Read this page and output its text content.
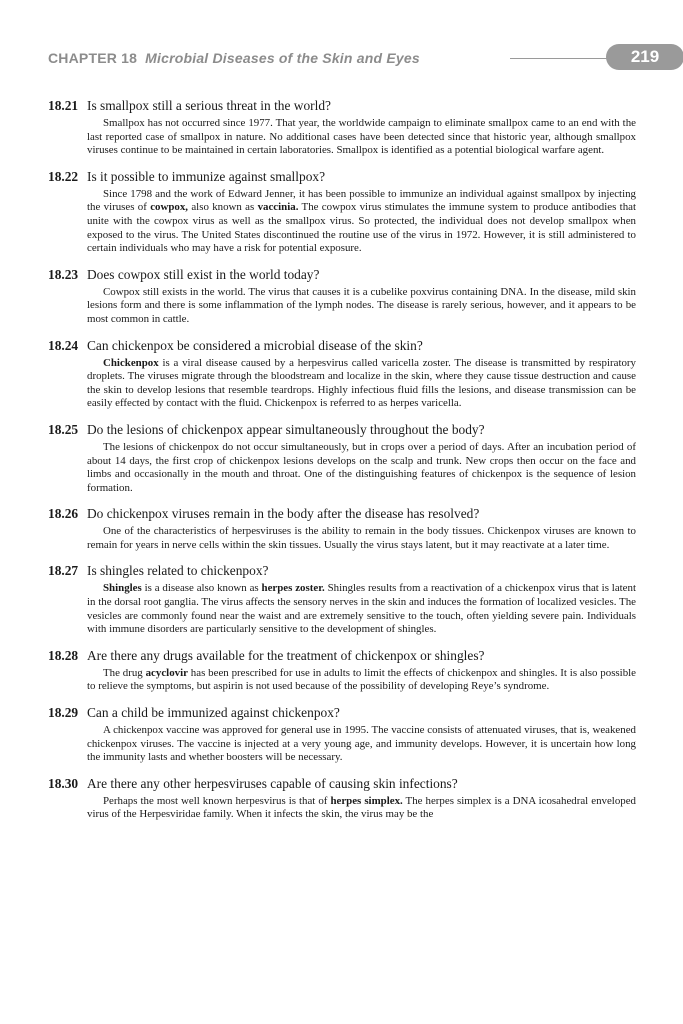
CHAPTER 18 Microbial Diseases of the Skin and Eyes	219
18.21 Is smallpox still a serious threat in the world?
Smallpox has not occurred since 1977. That year, the worldwide campaign to eliminate smallpox came to an end with the last reported case of smallpox in nature. No additional cases have been detected since that historic year, although smallpox viruses continue to be maintained in certain laboratories. Smallpox is identified as a potential biological warfare agent.
18.22 Is it possible to immunize against smallpox?
Since 1798 and the work of Edward Jenner, it has been possible to immunize an individual against smallpox by injecting the viruses of cowpox, also known as vaccinia. The cowpox virus stimulates the immune system to produce antibodies that unite with the cowpox virus as well as the smallpox virus. So protected, the individual does not develop smallpox when exposed to the virus. The United States discontinued the routine use of the virus in 1972. However, it is still administered to certain individuals who may have a risk for potential exposure.
18.23 Does cowpox still exist in the world today?
Cowpox still exists in the world. The virus that causes it is a cubelike poxvirus containing DNA. In the disease, mild skin lesions form and there is some inflammation of the lymph nodes. The disease is rarely serious, however, and it appears to be most common in cattle.
18.24 Can chickenpox be considered a microbial disease of the skin?
Chickenpox is a viral disease caused by a herpesvirus called varicella zoster. The disease is transmitted by respiratory droplets. The viruses migrate through the bloodstream and localize in the skin, where they cause tissue destruction and cause the skin to develop lesions that resemble teardrops. Highly infectious fluid fills the lesions, and disease transmission can be easily effected by contact with the fluid. Chickenpox is referred to as herpes varicella.
18.25 Do the lesions of chickenpox appear simultaneously throughout the body?
The lesions of chickenpox do not occur simultaneously, but in crops over a period of days. After an incubation period of about 14 days, the first crop of chickenpox lesions develops on the scalp and trunk. New crops then occur on the face and limbs and occasionally in the mouth and throat. One of the distinguishing features of chickenpox is the sequence of lesion formation.
18.26 Do chickenpox viruses remain in the body after the disease has resolved?
One of the characteristics of herpesviruses is the ability to remain in the body tissues. Chickenpox viruses are known to remain for years in nerve cells within the skin tissues. Usually the virus stays latent, but it may reactivate at a later time.
18.27 Is shingles related to chickenpox?
Shingles is a disease also known as herpes zoster. Shingles results from a reactivation of a chickenpox virus that is latent in the dorsal root ganglia. The virus affects the sensory nerves in the skin and induces the formation of localized vesicles. The vesicles are commonly found near the waist and are extremely sensitive to the touch, often yielding severe pain. Individuals with immune disorders are particularly sensitive to the development of shingles.
18.28 Are there any drugs available for the treatment of chickenpox or shingles?
The drug acyclovir has been prescribed for use in adults to limit the effects of chickenpox and shingles. It is also possible to relieve the symptoms, but aspirin is not used because of the possibility of developing Reye’s syndrome.
18.29 Can a child be immunized against chickenpox?
A chickenpox vaccine was approved for general use in 1995. The vaccine consists of attenuated viruses, that is, weakened chickenpox viruses. The vaccine is injected at a very young age, and immunity develops. However, it is uncertain how long the immunity lasts and whether boosters will be necessary.
18.30 Are there any other herpesviruses capable of causing skin infections?
Perhaps the most well known herpesvirus is that of herpes simplex. The herpes simplex is a DNA icosahedral enveloped virus of the Herpesviridae family. When it infects the skin, the virus may be the
